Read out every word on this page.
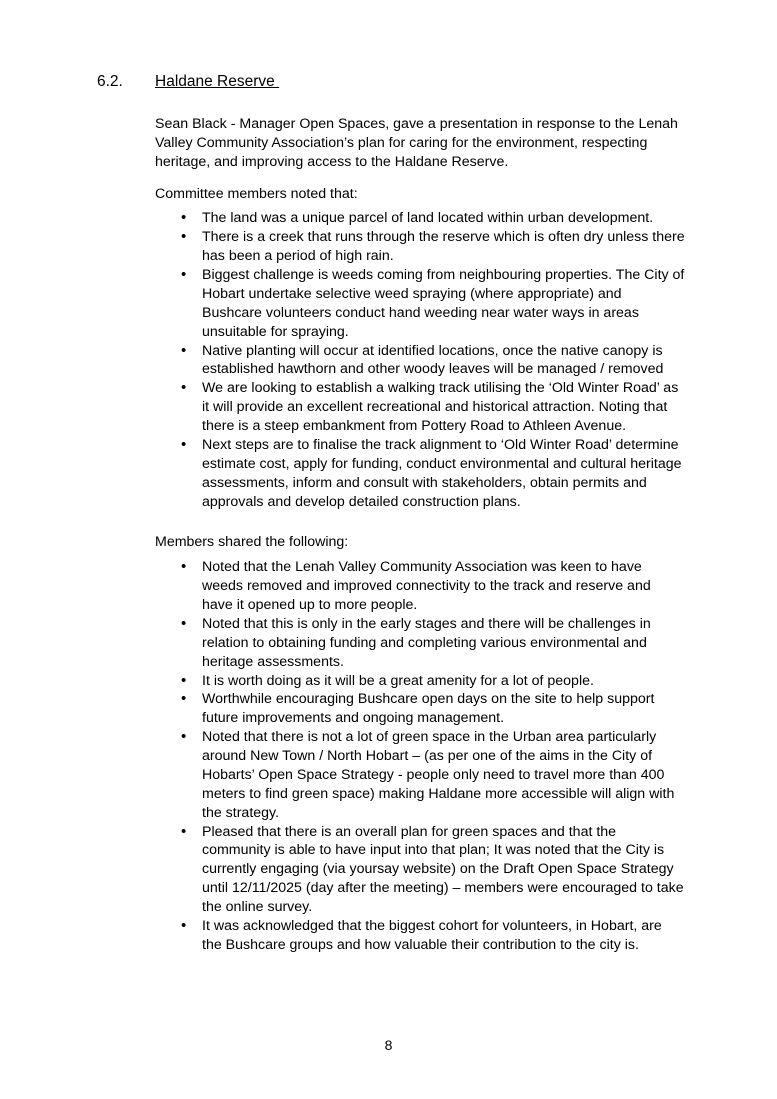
6.2.	Haldane Reserve

Sean Black - Manager Open Spaces, gave a presentation in response to the Lenah Valley Community Association’s plan for caring for the environment, respecting heritage, and improving access to the Haldane Reserve.

Committee members noted that:

• The land was a unique parcel of land located within urban development.
• There is a creek that runs through the reserve which is often dry unless there has been a period of high rain.
• Biggest challenge is weeds coming from neighbouring properties. The City of Hobart undertake selective weed spraying (where appropriate) and Bushcare volunteers conduct hand weeding near water ways in areas unsuitable for spraying.
• Native planting will occur at identified locations, once the native canopy is established hawthorn and other woody leaves will be managed / removed
• We are looking to establish a walking track utilising the ‘Old Winter Road’ as it will provide an excellent recreational and historical attraction. Noting that there is a steep embankment from Pottery Road to Athleen Avenue.
• Next steps are to finalise the track alignment to ‘Old Winter Road’ determine estimate cost, apply for funding, conduct environmental and cultural heritage assessments, inform and consult with stakeholders, obtain permits and approvals and develop detailed construction plans.

Members shared the following:

• Noted that the Lenah Valley Community Association was keen to have weeds removed and improved connectivity to the track and reserve and have it opened up to more people.
• Noted that this is only in the early stages and there will be challenges in relation to obtaining funding and completing various environmental and heritage assessments.
• It is worth doing as it will be a great amenity for a lot of people.
• Worthwhile encouraging Bushcare open days on the site to help support future improvements and ongoing management.
• Noted that there is not a lot of green space in the Urban area particularly around New Town / North Hobart – (as per one of the aims in the City of Hobarts’ Open Space Strategy - people only need to travel more than 400 meters to find green space) making Haldane more accessible will align with the strategy.
• Pleased that there is an overall plan for green spaces and that the community is able to have input into that plan; It was noted that the City is currently engaging (via yoursay website) on the Draft Open Space Strategy until 12/11/2025 (day after the meeting) – members were encouraged to take the online survey.
• It was acknowledged that the biggest cohort for volunteers, in Hobart, are the Bushcare groups and how valuable their contribution to the city is.
8
